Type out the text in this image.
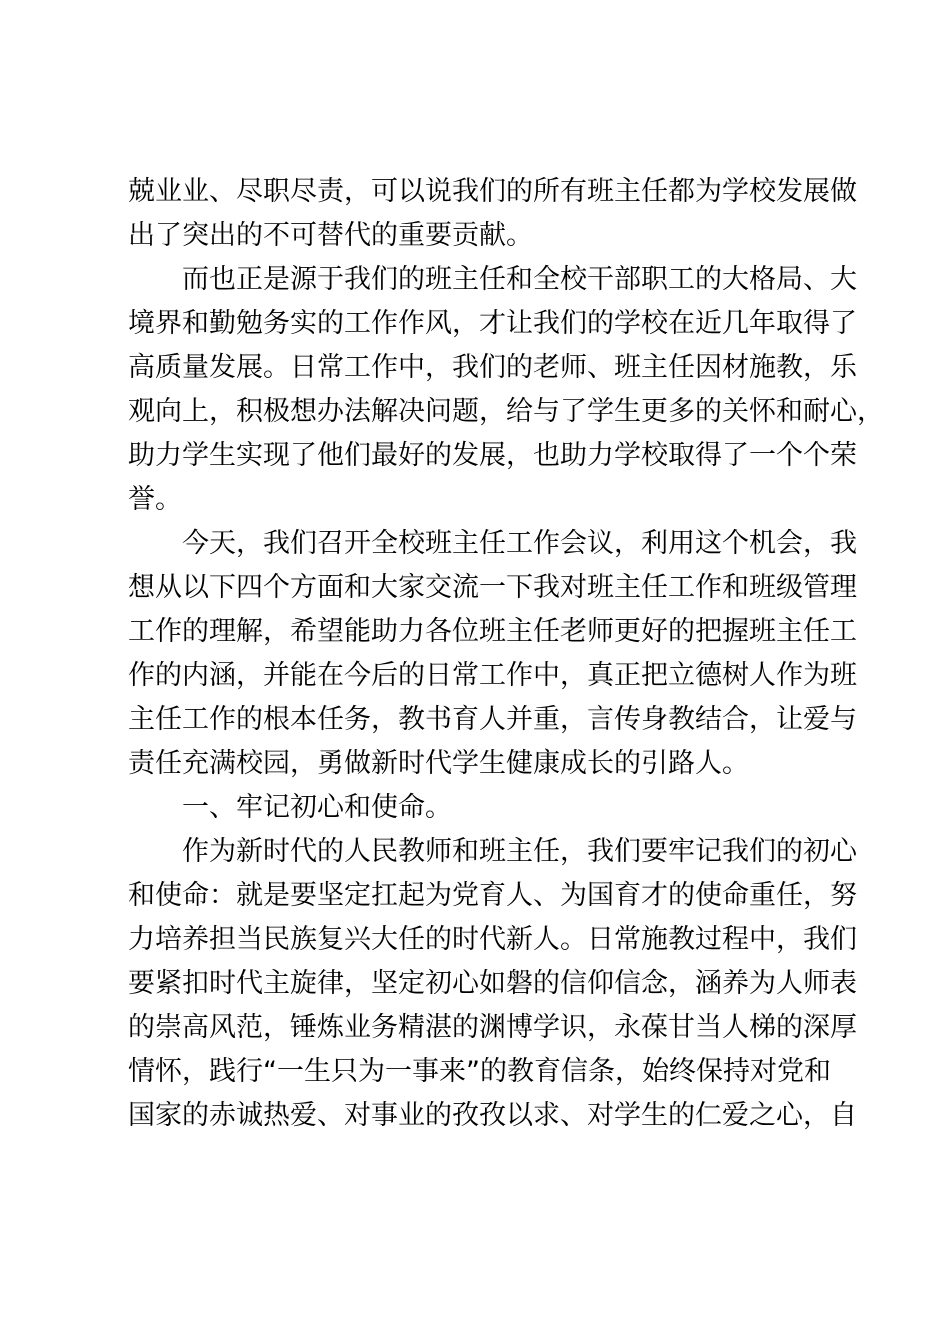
兢业业、尽职尽责，可以说我们的所有班主任都为学校发展做
出了突出的不可替代的重要贡献。
而也正是源于我们的班主任和全校干部职工的大格局、大
境界和勤勉务实的工作作风，才让我们的学校在近几年取得了
高质量发展。日常工作中，我们的老师、班主任因材施教，乐
观向上，积极想办法解决问题，给与了学生更多的关怀和耐心，
助力学生实现了他们最好的发展，也助力学校取得了一个个荣
誉。
今天，我们召开全校班主任工作会议，利用这个机会，我
想从以下四个方面和大家交流一下我对班主任工作和班级管理
工作的理解，希望能助力各位班主任老师更好的把握班主任工
作的内涵，并能在今后的日常工作中，真正把立德树人作为班
主任工作的根本任务，教书育人并重，言传身教结合，让爱与
责任充满校园，勇做新时代学生健康成长的引路人。
一、牢记初心和使命。
作为新时代的人民教师和班主任，我们要牢记我们的初心
和使命：就是要坚定扛起为党育人、为国育才的使命重任，努
力培养担当民族复兴大任的时代新人。日常施教过程中，我们
要紧扣时代主旋律，坚定初心如磐的信仰信念，涵养为人师表
的崇高风范，锤炼业务精湛的渊博学识，永葆甘当人梯的深厚
情怀，践行“一生只为一事来”的教育信条，始终保持对党和
国家的赤诚热爱、对事业的孜孜以求、对学生的仁爱之心，自
